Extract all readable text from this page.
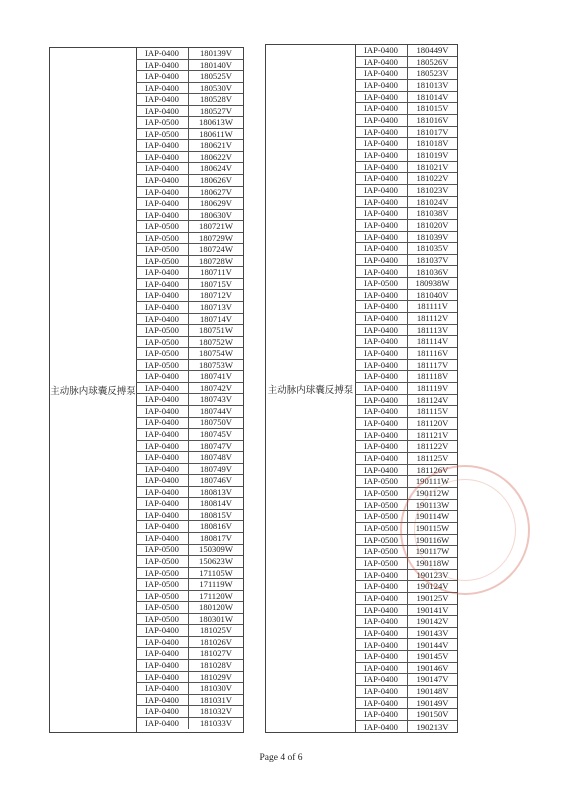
主动脉内球囊反搏泵
IAP-0400	180139V
IAP-0400	180140V
IAP-0400	180525V
IAP-0400	180530V
IAP-0400	180528V
IAP-0400	180527V
IAP-0500	180613W
IAP-0500	180611W
IAP-0400	180621V
IAP-0400	180622V
IAP-0400	180624V
IAP-0400	180626V
IAP-0400	180627V
IAP-0400	180629V
IAP-0400	180630V
IAP-0500	180721W
IAP-0500	180729W
IAP-0500	180724W
IAP-0500	180728W
IAP-0400	180711V
IAP-0400	180715V
IAP-0400	180712V
IAP-0400	180713V
IAP-0400	180714V
IAP-0500	180751W
IAP-0500	180752W
IAP-0500	180754W
IAP-0500	180753W
IAP-0400	180741V
IAP-0400	180742V
IAP-0400	180743V
IAP-0400	180744V
IAP-0400	180750V
IAP-0400	180745V
IAP-0400	180747V
IAP-0400	180748V
IAP-0400	180749V
IAP-0400	180746V
IAP-0400	180813V
IAP-0400	180814V
IAP-0400	180815V
IAP-0400	180816V
IAP-0400	180817V
IAP-0500	150309W
IAP-0500	150623W
IAP-0500	171105W
IAP-0500	171119W
IAP-0500	171120W
IAP-0500	180120W
IAP-0500	180301W
IAP-0400	181025V
IAP-0400	181026V
IAP-0400	181027V
IAP-0400	181028V
IAP-0400	181029V
IAP-0400	181030V
IAP-0400	181031V
IAP-0400	181032V
IAP-0400	181033V
主动脉内球囊反搏泵
IAP-0400	180449V
IAP-0400	180526V
IAP-0400	180523V
IAP-0400	181013V
IAP-0400	181014V
IAP-0400	181015V
IAP-0400	181016V
IAP-0400	181017V
IAP-0400	181018V
IAP-0400	181019V
IAP-0400	181021V
IAP-0400	181022V
IAP-0400	181023V
IAP-0400	181024V
IAP-0400	181038V
IAP-0400	181020V
IAP-0400	181039V
IAP-0400	181035V
IAP-0400	181037V
IAP-0400	181036V
IAP-0500	180938W
IAP-0400	181040V
IAP-0400	181111V
IAP-0400	181112V
IAP-0400	181113V
IAP-0400	181114V
IAP-0400	181116V
IAP-0400	181117V
IAP-0400	181118V
IAP-0400	181119V
IAP-0400	181124V
IAP-0400	181115V
IAP-0400	181120V
IAP-0400	181121V
IAP-0400	181122V
IAP-0400	181125V
IAP-0400	181126V
IAP-0500	190111W
IAP-0500	190112W
IAP-0500	190113W
IAP-0500	190114W
IAP-0500	190115W
IAP-0500	190116W
IAP-0500	190117W
IAP-0500	190118W
IAP-0400	190123V
IAP-0400	190124V
IAP-0400	190125V
IAP-0400	190141V
IAP-0400	190142V
IAP-0400	190143V
IAP-0400	190144V
IAP-0400	190145V
IAP-0400	190146V
IAP-0400	190147V
IAP-0400	190148V
IAP-0400	190149V
IAP-0400	190150V
IAP-0400	190213V
Page 4 of 6
